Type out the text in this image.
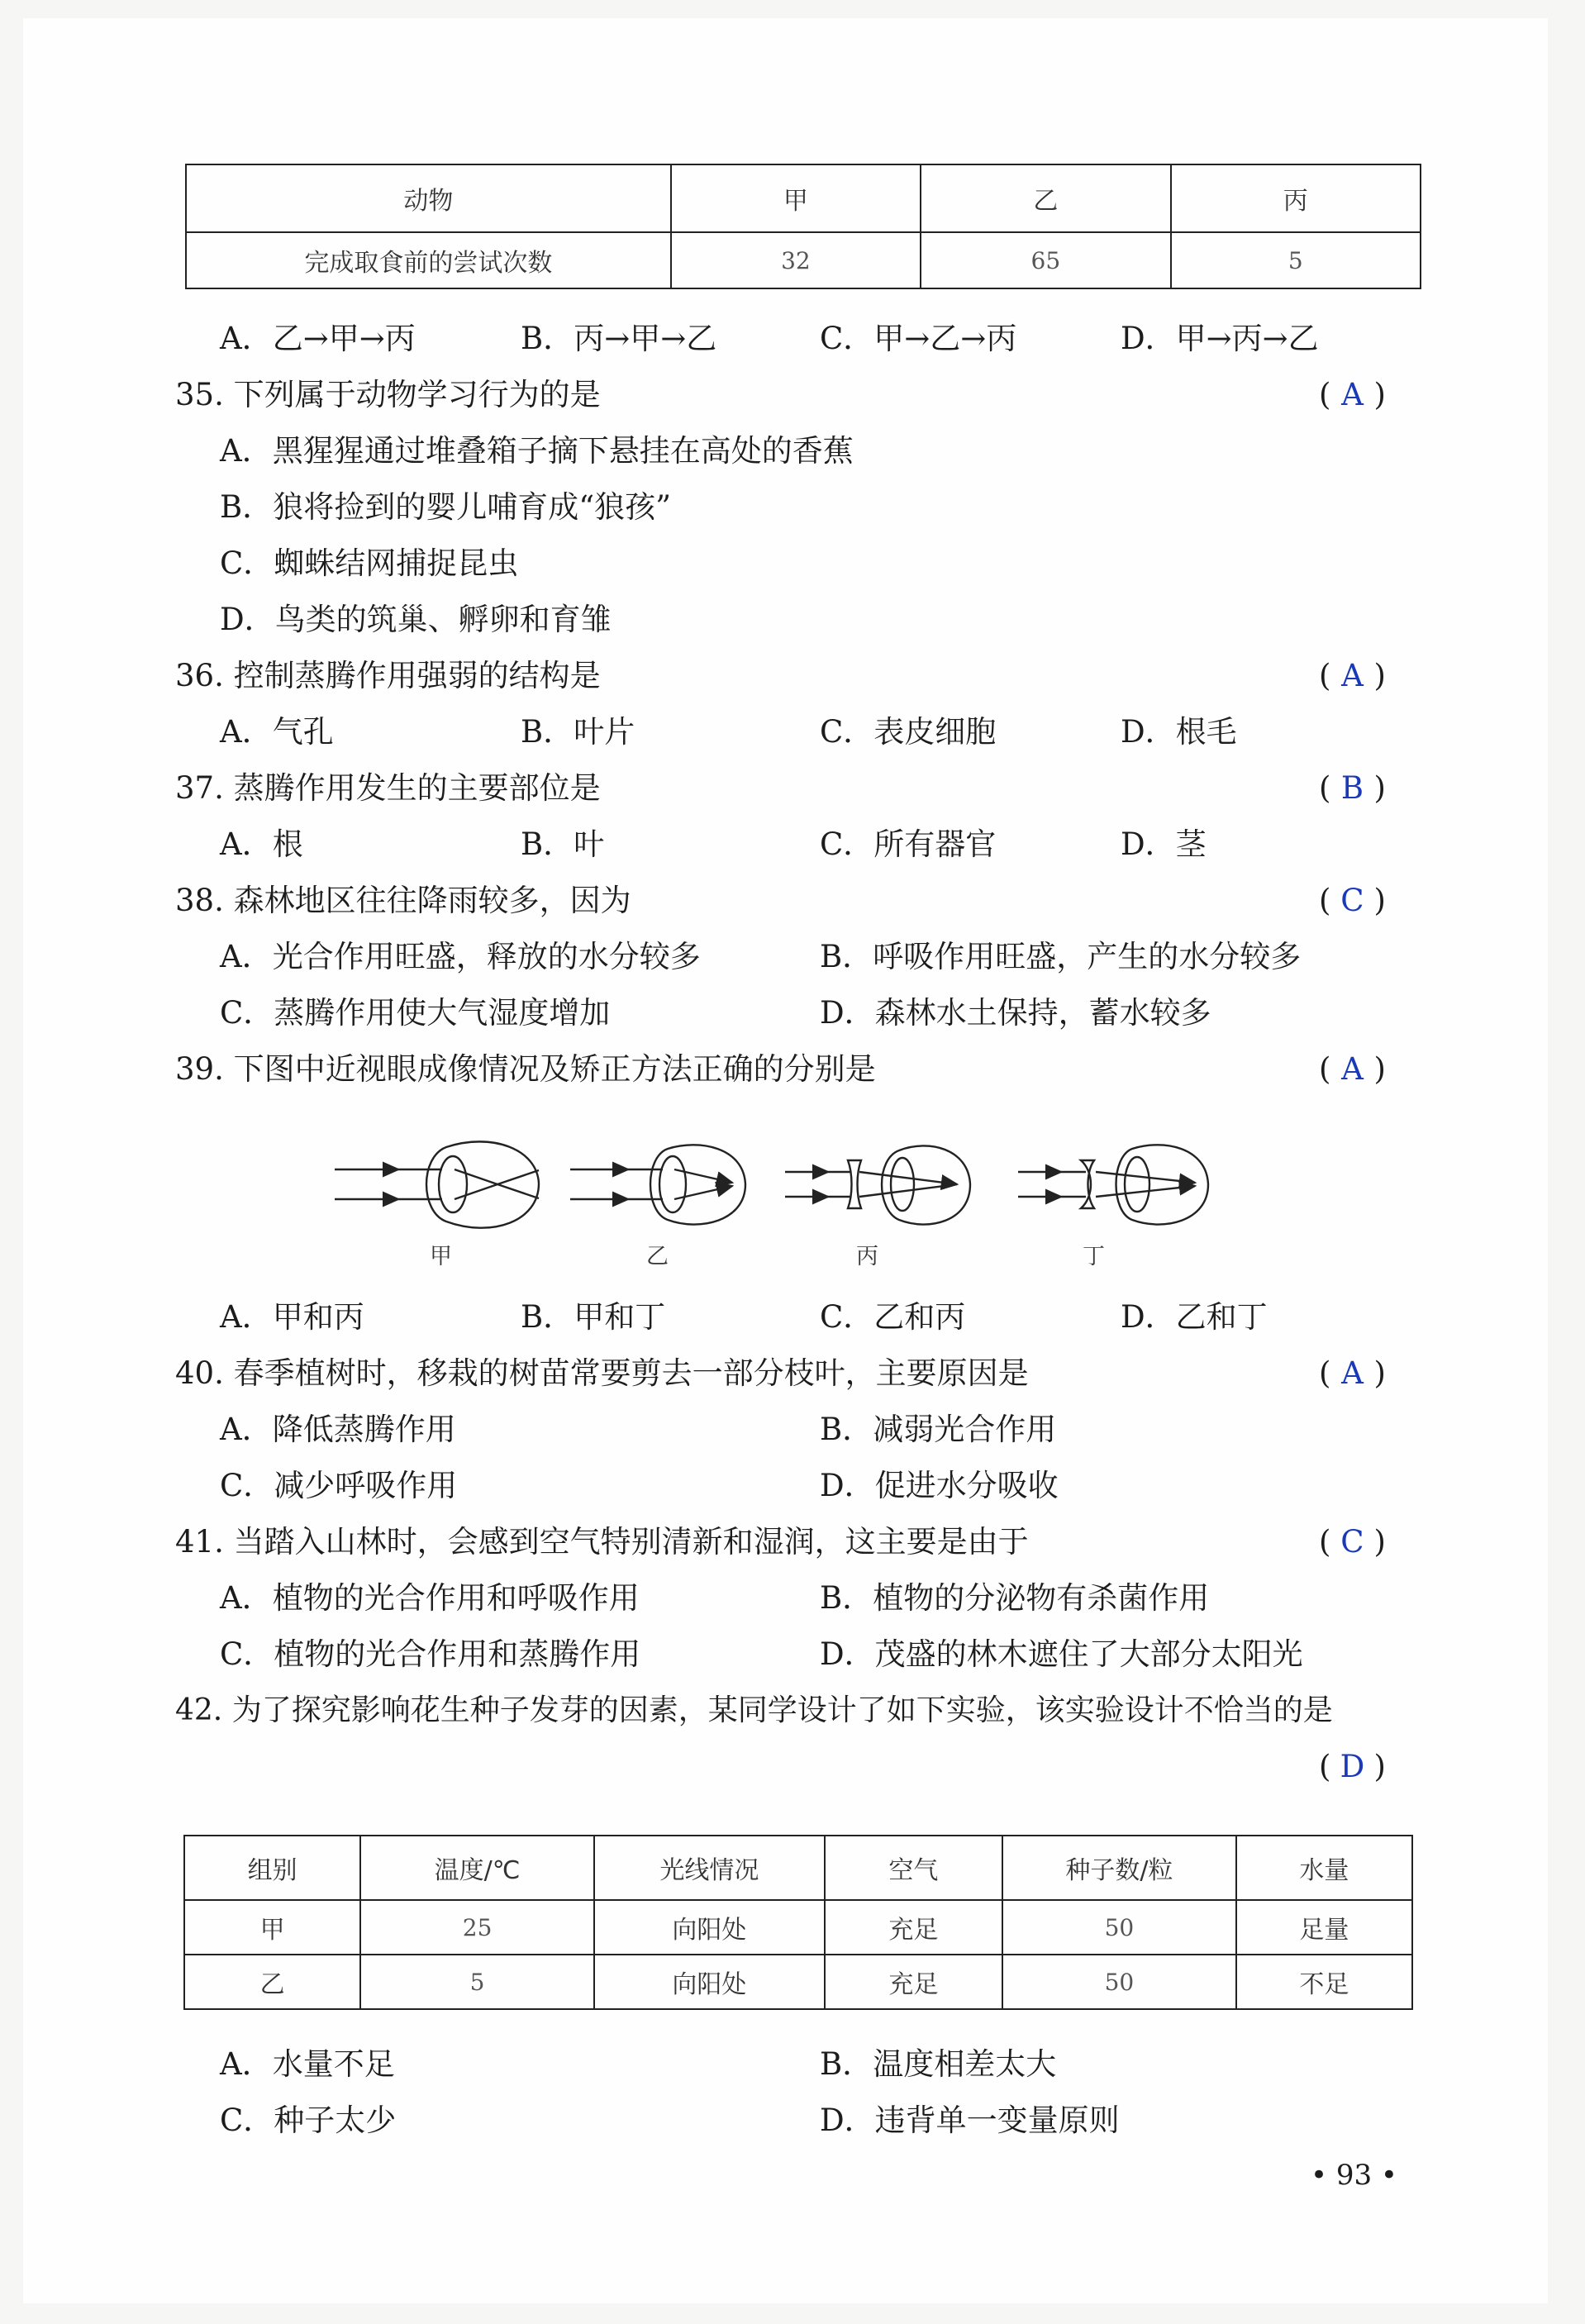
动物	甲	乙	丙
完成取食前的尝试次数	32	65	5
A．乙→甲→丙	B．丙→甲→乙	C．甲→乙→丙	D．甲→丙→乙
35. 下列属于动物学习行为的是	( A )
A．黑猩猩通过堆叠箱子摘下悬挂在高处的香蕉
B．狼将捡到的婴儿哺育成“狼孩”
C．蜘蛛结网捕捉昆虫
D．鸟类的筑巢、孵卵和育雏
36. 控制蒸腾作用强弱的结构是	( A )
A．气孔	B．叶片	C．表皮细胞	D．根毛
37. 蒸腾作用发生的主要部位是	( B )
A．根	B．叶	C．所有器官	D．茎
38. 森林地区往往降雨较多，因为	( C )
A．光合作用旺盛，释放的水分较多	B．呼吸作用旺盛，产生的水分较多
C．蒸腾作用使大气湿度增加	D．森林水土保持，蓄水较多
39. 下图中近视眼成像情况及矫正方法正确的分别是	( A )
甲	乙	丙	丁
A．甲和丙	B．甲和丁	C．乙和丙	D．乙和丁
40. 春季植树时，移栽的树苗常要剪去一部分枝叶，主要原因是	( A )
A．降低蒸腾作用	B．减弱光合作用
C．减少呼吸作用	D．促进水分吸收
41. 当踏入山林时，会感到空气特别清新和湿润，这主要是由于	( C )
A．植物的光合作用和呼吸作用	B．植物的分泌物有杀菌作用
C．植物的光合作用和蒸腾作用	D．茂盛的林木遮住了大部分太阳光
42. 为了探究影响花生种子发芽的因素，某同学设计了如下实验，该实验设计不恰当的是
( D )
组别	温度/℃	光线情况	空气	种子数/粒	水量
甲	25	向阳处	充足	50	足量
乙	5	向阳处	充足	50	不足
A．水量不足	B．温度相差太大
C．种子太少	D．违背单一变量原则
• 93 •
